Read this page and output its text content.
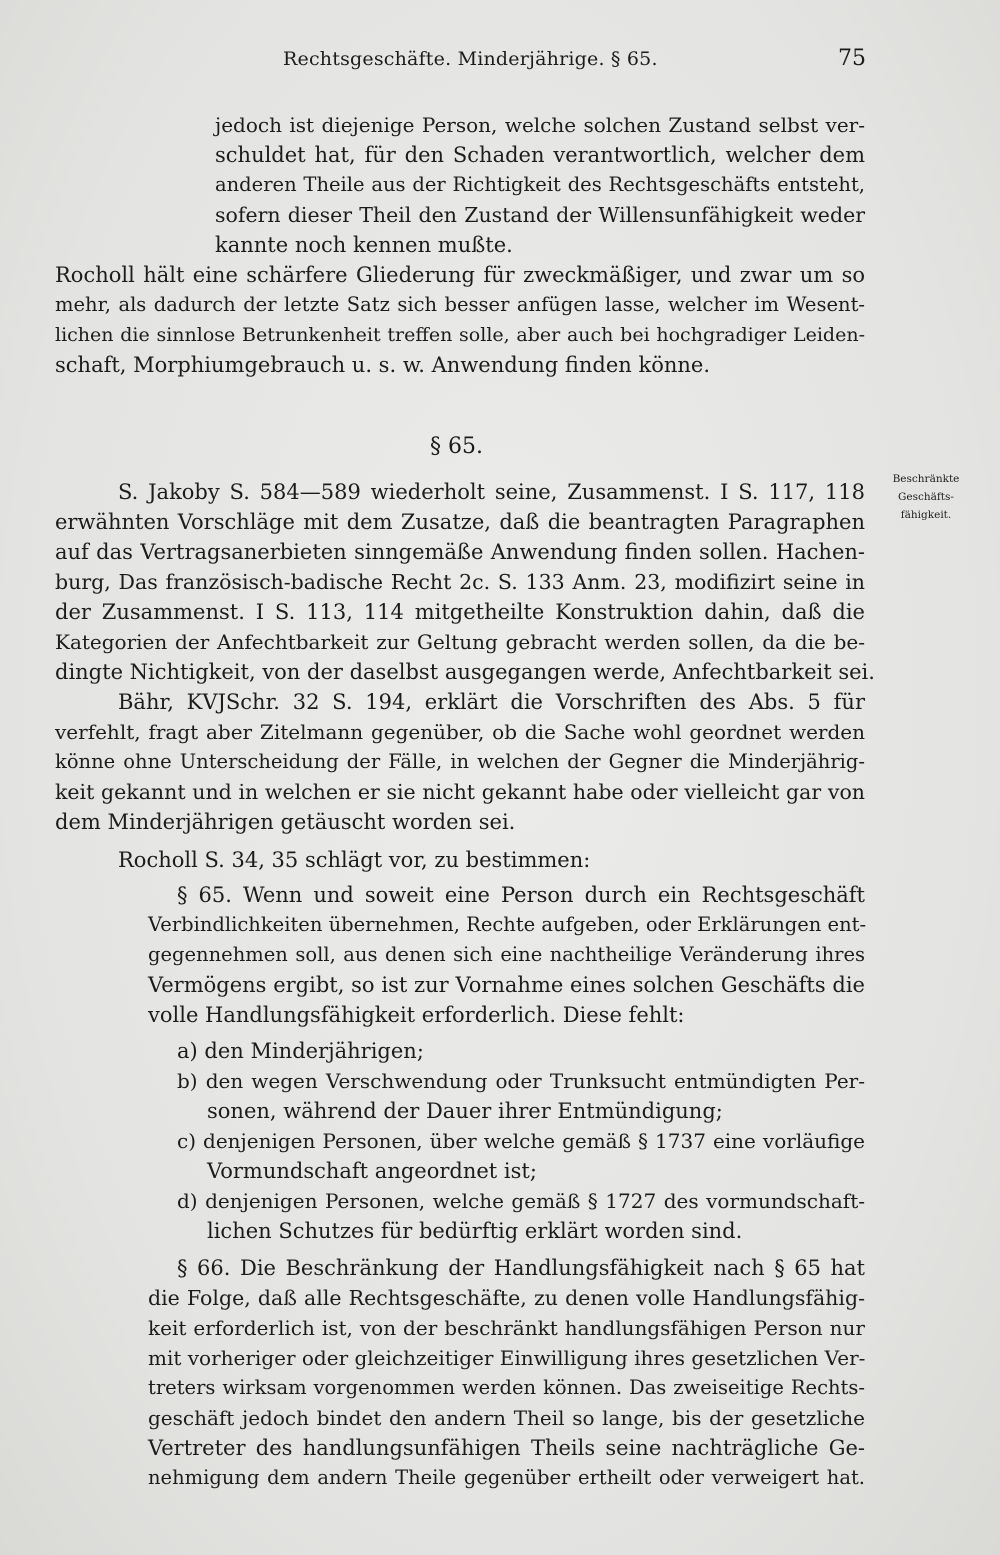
Rechtsgeschäfte. Minderjährige. § 65.	75
Beschränkte
Geschäfts-
fähigkeit.
§ 65.
jedoch ist diejenige Person, welche solchen Zustand selbst ver-
schuldet hat, für den Schaden verantwortlich, welcher dem
anderen Theile aus der Richtigkeit des Rechtsgeschäfts entsteht,
sofern dieser Theil den Zustand der Willensunfähigkeit weder
kannte noch kennen mußte.
Rocholl hält eine schärfere Gliederung für zweckmäßiger, und zwar um so
mehr, als dadurch der letzte Satz sich besser anfügen lasse, welcher im Wesent-
lichen die sinnlose Betrunkenheit treffen solle, aber auch bei hochgradiger Leiden-
schaft, Morphiumgebrauch u. s. w. Anwendung finden könne.
S. Jakoby S. 584—589 wiederholt seine, Zusammenst. I S. 117, 118
erwähnten Vorschläge mit dem Zusatze, daß die beantragten Paragraphen
auf das Vertragsanerbieten sinngemäße Anwendung finden sollen. Hachen-
burg, Das französisch-badische Recht 2c. S. 133 Anm. 23, modifizirt seine in
der Zusammenst. I S. 113, 114 mitgetheilte Konstruktion dahin, daß die
Kategorien der Anfechtbarkeit zur Geltung gebracht werden sollen, da die be-
dingte Nichtigkeit, von der daselbst ausgegangen werde, Anfechtbarkeit sei.
Bähr, KVJSchr. 32 S. 194, erklärt die Vorschriften des Abs. 5 für
verfehlt, fragt aber Zitelmann gegenüber, ob die Sache wohl geordnet werden
könne ohne Unterscheidung der Fälle, in welchen der Gegner die Minderjährig-
keit gekannt und in welchen er sie nicht gekannt habe oder vielleicht gar von
dem Minderjährigen getäuscht worden sei.
Rocholl S. 34, 35 schlägt vor, zu bestimmen:
§ 65. Wenn und soweit eine Person durch ein Rechtsgeschäft
Verbindlichkeiten übernehmen, Rechte aufgeben, oder Erklärungen ent-
gegennehmen soll, aus denen sich eine nachtheilige Veränderung ihres
Vermögens ergibt, so ist zur Vornahme eines solchen Geschäfts die
volle Handlungsfähigkeit erforderlich. Diese fehlt:
a) den Minderjährigen;
b) den wegen Verschwendung oder Trunksucht entmündigten Per-
sonen, während der Dauer ihrer Entmündigung;
c) denjenigen Personen, über welche gemäß § 1737 eine vorläufige
Vormundschaft angeordnet ist;
d) denjenigen Personen, welche gemäß § 1727 des vormundschaft-
lichen Schutzes für bedürftig erklärt worden sind.
§ 66. Die Beschränkung der Handlungsfähigkeit nach § 65 hat
die Folge, daß alle Rechtsgeschäfte, zu denen volle Handlungsfähig-
keit erforderlich ist, von der beschränkt handlungsfähigen Person nur
mit vorheriger oder gleichzeitiger Einwilligung ihres gesetzlichen Ver-
treters wirksam vorgenommen werden können. Das zweiseitige Rechts-
geschäft jedoch bindet den andern Theil so lange, bis der gesetzliche
Vertreter des handlungsunfähigen Theils seine nachträgliche Ge-
nehmigung dem andern Theile gegenüber ertheilt oder verweigert hat.
